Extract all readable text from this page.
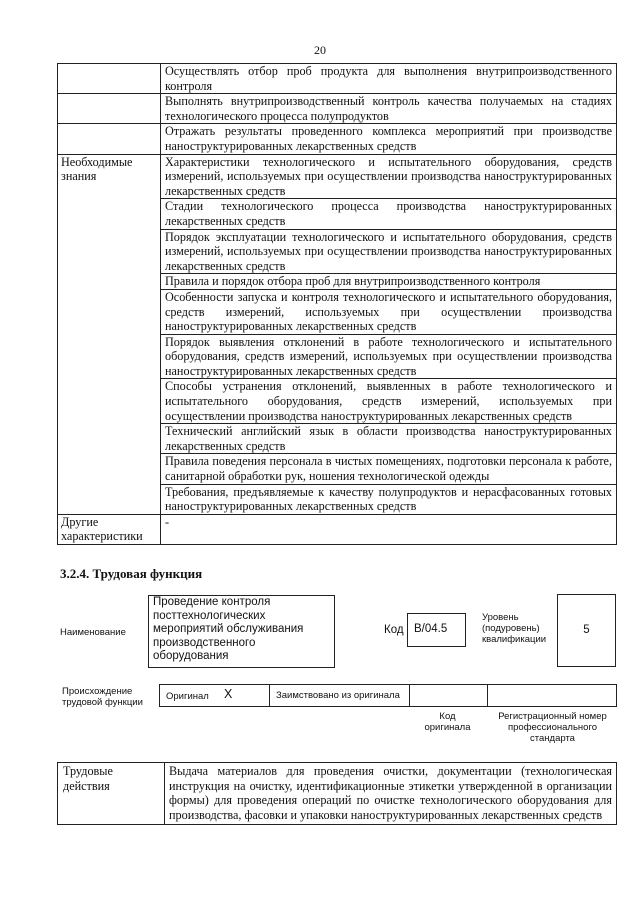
20
	Осуществлять отбор проб продукта для выполнения внутрипроизводственного контроля
	Выполнять внутрипроизводственный контроль качества получаемых на стадиях технологического процесса полупродуктов
	Отражать результаты проведенного комплекса мероприятий при производстве наноструктурированных лекарственных средств
Необходимые знания	Характеристики технологического и испытательного оборудования, средств измерений, используемых при осуществлении производства наноструктурированных лекарственных средств
	Стадии технологического процесса производства наноструктурированных лекарственных средств
	Порядок эксплуатации технологического и испытательного оборудования, средств измерений, используемых при осуществлении производства наноструктурированных лекарственных средств
	Правила и порядок отбора проб для внутрипроизводственного контроля
	Особенности запуска и контроля технологического и испытательного оборудования, средств измерений, используемых при осуществлении производства наноструктурированных лекарственных средств
	Порядок выявления отклонений в работе технологического и испытательного оборудования, средств измерений, используемых при осуществлении производства наноструктурированных лекарственных средств
	Способы устранения отклонений, выявленных в работе технологического и испытательного оборудования, средств измерений, используемых при осуществлении производства наноструктурированных лекарственных средств
	Технический английский язык в области производства наноструктурированных лекарственных средств
	Правила поведения персонала в чистых помещениях, подготовки персонала к работе, санитарной обработки рук, ношения технологической одежды
	Требования, предъявляемые к качеству полупродуктов и нерасфасованных готовых наноструктурированных лекарственных средств
Другие характеристики	-
3.2.4. Трудовая функция
Наименование
Проведение контроля посттехнологических мероприятий обслуживания производственного оборудования
Код В/04.5
Уровень (подуровень) квалификации
5
Происхождение трудовой функции
Оригинал X	Заимствовано из оригинала
Код оригинала
Регистрационный номер профессионального стандарта
Трудовые действия	Выдача материалов для проведения очистки, документации (технологическая инструкция на очистку, идентификационные этикетки утвержденной в организации формы) для проведения операций по очистке технологического оборудования для производства, фасовки и упаковки наноструктурированных лекарственных средств
